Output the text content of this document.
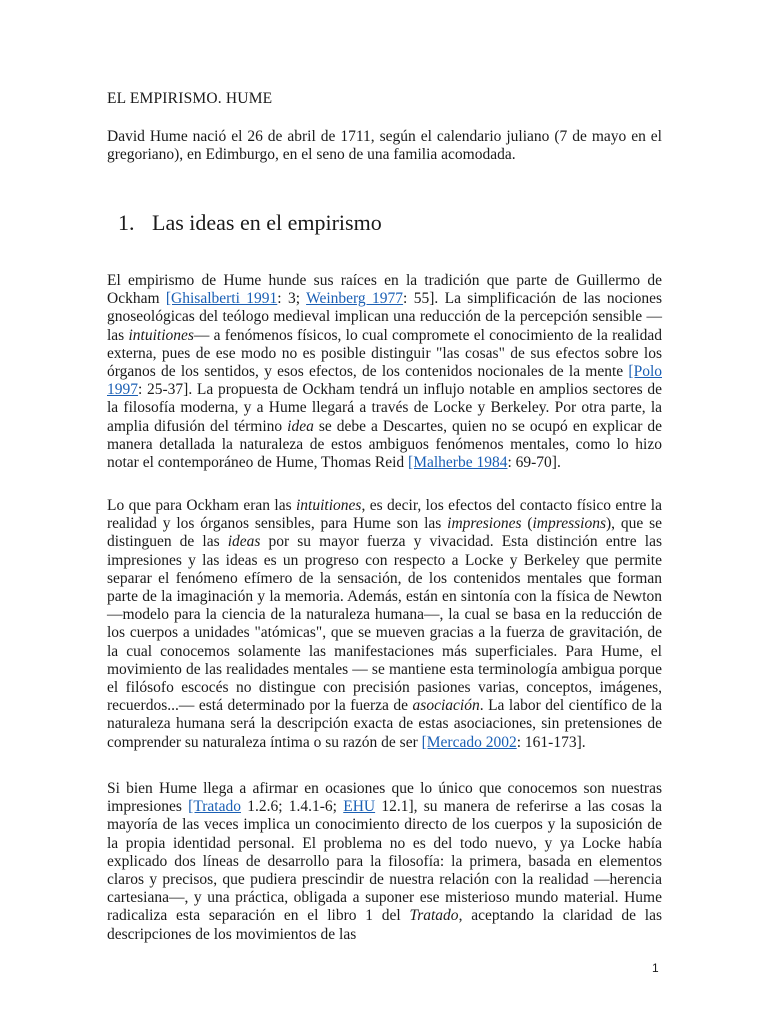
EL EMPIRISMO. HUME

David Hume nació el 26 de abril de 1711, según el calendario juliano (7 de mayo en el gregoriano), en Edimburgo, en el seno de una familia acomodada.

1. Las ideas en el empirismo

El empirismo de Hume hunde sus raíces en la tradición que parte de Guillermo de Ockham [Ghisalberti 1991: 3; Weinberg 1977: 55]. La simplificación de las nociones gnoseológicas del teólogo medieval implican una reducción de la percepción sensible —las intuitiones— a fenómenos físicos, lo cual compromete el conocimiento de la realidad externa, pues de ese modo no es posible distinguir "las cosas" de sus efectos sobre los órganos de los sentidos, y esos efectos, de los contenidos nocionales de la mente [Polo 1997: 25-37]. La propuesta de Ockham tendrá un influjo notable en amplios sectores de la filosofía moderna, y a Hume llegará a través de Locke y Berkeley. Por otra parte, la amplia difusión del término idea se debe a Descartes, quien no se ocupó en explicar de manera detallada la naturaleza de estos ambiguos fenómenos mentales, como lo hizo notar el contemporáneo de Hume, Thomas Reid [Malherbe 1984: 69-70].

Lo que para Ockham eran las intuitiones, es decir, los efectos del contacto físico entre la realidad y los órganos sensibles, para Hume son las impresiones (impressions), que se distinguen de las ideas por su mayor fuerza y vivacidad. Esta distinción entre las impresiones y las ideas es un progreso con respecto a Locke y Berkeley que permite separar el fenómeno efímero de la sensación, de los contenidos mentales que forman parte de la imaginación y la memoria. Además, están en sintonía con la física de Newton —modelo para la ciencia de la naturaleza humana—, la cual se basa en la reducción de los cuerpos a unidades "atómicas", que se mueven gracias a la fuerza de gravitación, de la cual conocemos solamente las manifestaciones más superficiales. Para Hume, el movimiento de las realidades mentales — se mantiene esta terminología ambigua porque el filósofo escocés no distingue con precisión pasiones varias, conceptos, imágenes, recuerdos...— está determinado por la fuerza de asociación. La labor del científico de la naturaleza humana será la descripción exacta de estas asociaciones, sin pretensiones de comprender su naturaleza íntima o su razón de ser [Mercado 2002: 161-173].

Si bien Hume llega a afirmar en ocasiones que lo único que conocemos son nuestras impresiones [Tratado 1.2.6; 1.4.1-6; EHU 12.1], su manera de referirse a las cosas la mayoría de las veces implica un conocimiento directo de los cuerpos y la suposición de la propia identidad personal. El problema no es del todo nuevo, y ya Locke había explicado dos líneas de desarrollo para la filosofía: la primera, basada en elementos claros y precisos, que pudiera prescindir de nuestra relación con la realidad —herencia cartesiana—, y una práctica, obligada a suponer ese misterioso mundo material. Hume radicaliza esta separación en el libro 1 del Tratado, aceptando la claridad de las descripciones de los movimientos de las

1
